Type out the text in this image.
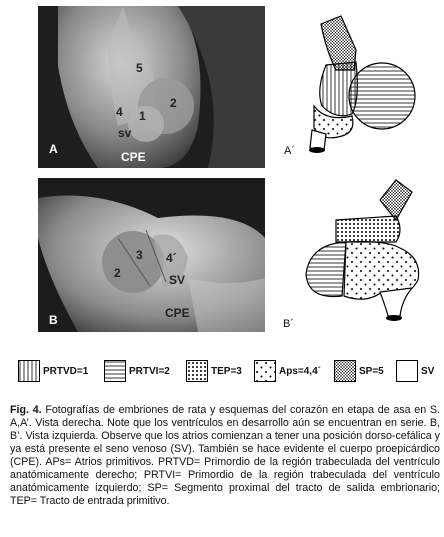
5
4 1
2
sv
CPE
A
3
2
4´
SV
CPE
B
A´
B´
PRTVD=1	PRTVI=2	TEP=3	Aps=4,4´	SP=5	SV
Fig. 4. Fotografías de embriones de rata y esquemas del corazón en etapa de asa en S. A,A’. Vista derecha. Note que los ventrículos en desarrollo aún se encuentran en serie. B, B’. Vista izquierda. Observe que los atrios comienzan a tener una posición dorso-cefálica y ya está presente el seno venoso (SV). También se hace evidente el cuerpo proepicárdico (CPE). APs= Atrios primitivos. PRTVD= Primordio de la región trabeculada del ventrículo anatómicamente derecho; PRTVI= Primordio de la región trabeculada del ventrículo anatómicamente izquierdo; SP= Segmento proximal del tracto de salida embrionario; TEP= Tracto de entrada primitivo.
